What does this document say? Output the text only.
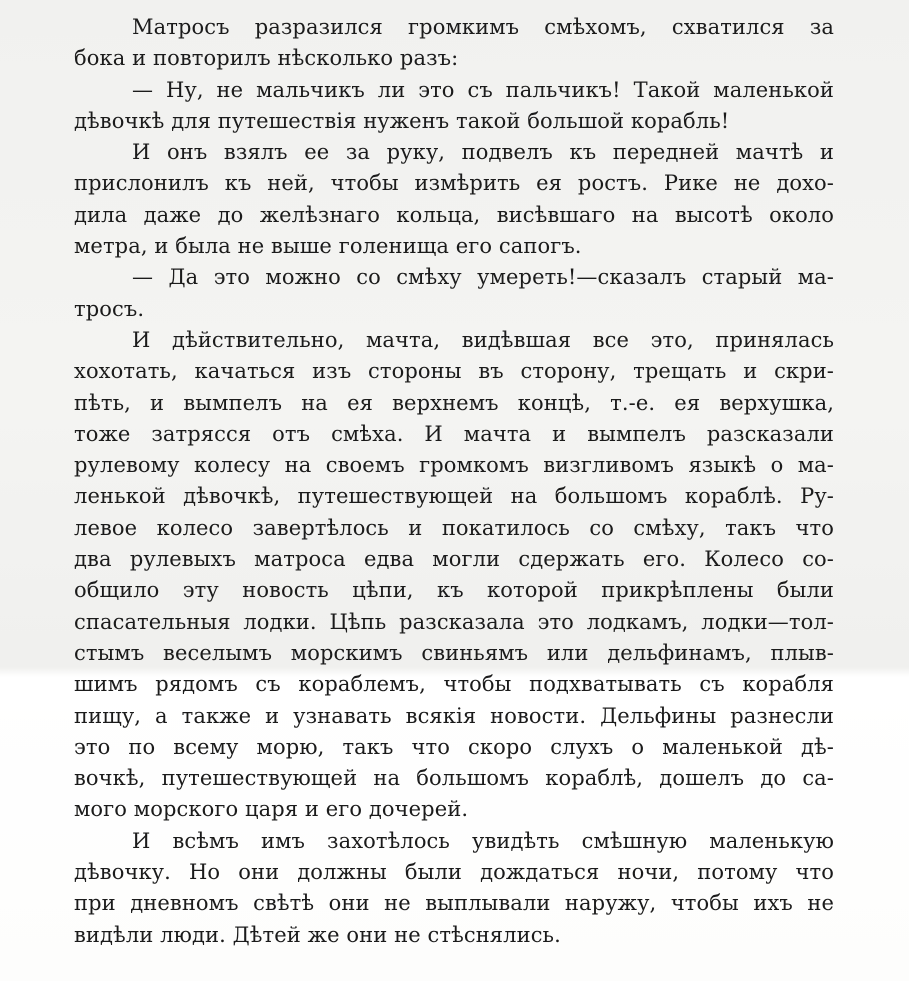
Матросъ разразился громкимъ смѣхомъ, схватился за
бока и повторилъ нѣсколько разъ:
— Ну, не мальчикъ ли это съ пальчикъ! Такой маленькой
дѣвочкѣ для путешествія нуженъ такой большой корабль!
И онъ взялъ ее за руку, подвелъ къ передней мачтѣ и
прислонилъ къ ней, чтобы измѣрить ея ростъ. Рике не дохо-
дила даже до желѣзнаго кольца, висѣвшаго на высотѣ около
метра, и была не выше голенища его сапогъ.
— Да это можно со смѣху умереть!—сказалъ старый ма-
тросъ.
И дѣйствительно, мачта, видѣвшая все это, принялась
хохотать, качаться изъ стороны въ сторону, трещать и скри-
пѣть, и вымпелъ на ея верхнемъ концѣ, т.-е. ея верхушка,
тоже затрясся отъ смѣха. И мачта и вымпелъ разсказали
рулевому колесу на своемъ громкомъ визгливомъ языкѣ о ма-
ленькой дѣвочкѣ, путешествующей на большомъ кораблѣ. Ру-
левое колесо завертѣлось и покатилось со смѣху, такъ что
два рулевыхъ матроса едва могли сдержать его. Колесо со-
общило эту новость цѣпи, къ которой прикрѣплены были
спасательныя лодки. Цѣпь разсказала это лодкамъ, лодки—тол-
стымъ веселымъ морскимъ свиньямъ или дельфинамъ, плыв-
шимъ рядомъ съ кораблемъ, чтобы подхватывать съ корабля
пищу, а также и узнавать всякія новости. Дельфины разнесли
это по всему морю, такъ что скоро слухъ о маленькой дѣ-
вочкѣ, путешествующей на большомъ кораблѣ, дошелъ до са-
мого морского царя и его дочерей.
И всѣмъ имъ захотѣлось увидѣть смѣшную маленькую
дѣвочку. Но они должны были дождаться ночи, потому что
при дневномъ свѣтѣ они не выплывали наружу, чтобы ихъ не
видѣли люди. Дѣтей же они не стѣснялись.
